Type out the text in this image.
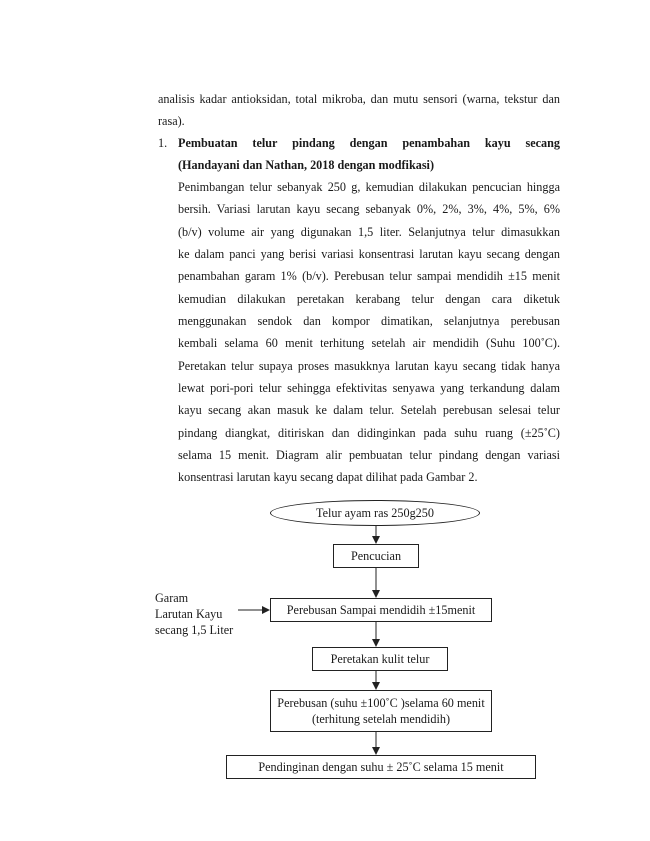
analisis kadar antioksidan, total mikroba, dan mutu sensori (warna, tekstur dan
rasa).
1. Pembuatan telur pindang dengan penambahan kayu secang
(Handayani dan Nathan, 2018 dengan modfikasi)
Penimbangan telur sebanyak 250 g, kemudian dilakukan pencucian hingga
bersih. Variasi larutan kayu secang sebanyak 0%, 2%, 3%, 4%, 5%, 6%
(b/v) volume air yang digunakan 1,5 liter. Selanjutnya telur dimasukkan
ke dalam panci yang berisi variasi konsentrasi larutan kayu secang dengan
penambahan garam 1% (b/v). Perebusan telur sampai mendidih ±15 menit
kemudian dilakukan peretakan kerabang telur dengan cara diketuk
menggunakan sendok dan kompor dimatikan, selanjutnya perebusan
kembali selama 60 menit terhitung setelah air mendidih (Suhu 100˚C).
Peretakan telur supaya proses masukknya larutan kayu secang tidak hanya
lewat pori-pori telur sehingga efektivitas senyawa yang terkandung dalam
kayu secang akan masuk ke dalam telur. Setelah perebusan selesai telur
pindang diangkat, ditiriskan dan didinginkan pada suhu ruang (±25˚C)
selama 15 menit. Diagram alir pembuatan telur pindang dengan variasi
konsentrasi larutan kayu secang dapat dilihat pada Gambar 2.
Telur ayam ras 250g250
Pencucian
Perebusan Sampai mendidih ±15menit
Peretakan kulit telur
Perebusan (suhu ±100˚C )selama 60 menit
(terhitung setelah mendidih)
Pendinginan dengan suhu ± 25˚C selama 15 menit
Garam
Larutan Kayu
secang 1,5 Liter
